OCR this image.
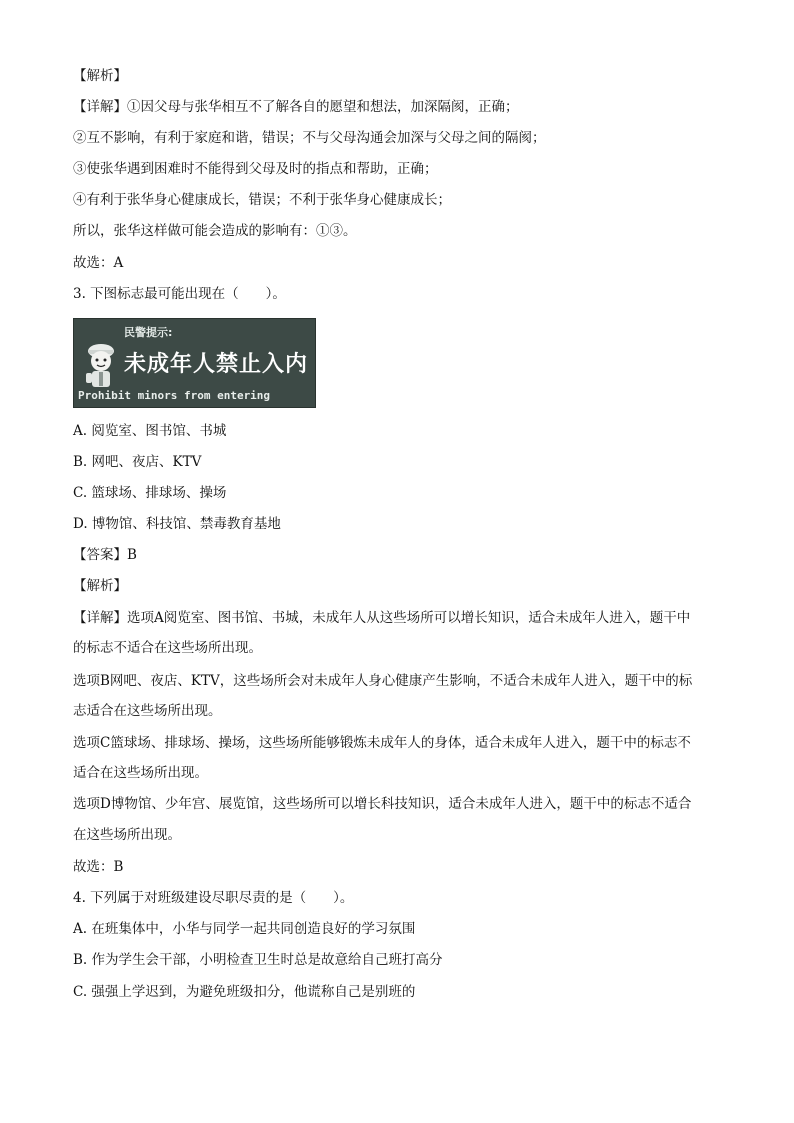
【解析】
【详解】①因父母与张华相互不了解各自的愿望和想法，加深隔阂，正确；
②互不影响，有利于家庭和谐，错误；不与父母沟通会加深与父母之间的隔阂；
③使张华遇到困难时不能得到父母及时的指点和帮助，正确；
④有利于张华身心健康成长，错误；不利于张华身心健康成长；
所以，张华这样做可能会造成的影响有：①③。
故选：A
3. 下图标志最可能出现在（　　）。
民警提示:
未成年人禁止入内
Prohibit minors from entering
A. 阅览室、图书馆、书城
B. 网吧、夜店、KTV
C. 篮球场、排球场、操场
D. 博物馆、科技馆、禁毒教育基地
【答案】B
【解析】
【详解】选项A阅览室、图书馆、书城，未成年人从这些场所可以增长知识，适合未成年人进入，题干中
的标志不适合在这些场所出现。
选项B网吧、夜店、KTV，这些场所会对未成年人身心健康产生影响，不适合未成年人进入，题干中的标
志适合在这些场所出现。
选项C篮球场、排球场、操场，这些场所能够锻炼未成年人的身体，适合未成年人进入，题干中的标志不
适合在这些场所出现。
选项D博物馆、少年宫、展览馆，这些场所可以增长科技知识，适合未成年人进入，题干中的标志不适合
在这些场所出现。
故选：B
4. 下列属于对班级建设尽职尽责的是（　　）。
A. 在班集体中，小华与同学一起共同创造良好的学习氛围
B. 作为学生会干部，小明检查卫生时总是故意给自己班打高分
C. 强强上学迟到，为避免班级扣分，他谎称自己是别班的
